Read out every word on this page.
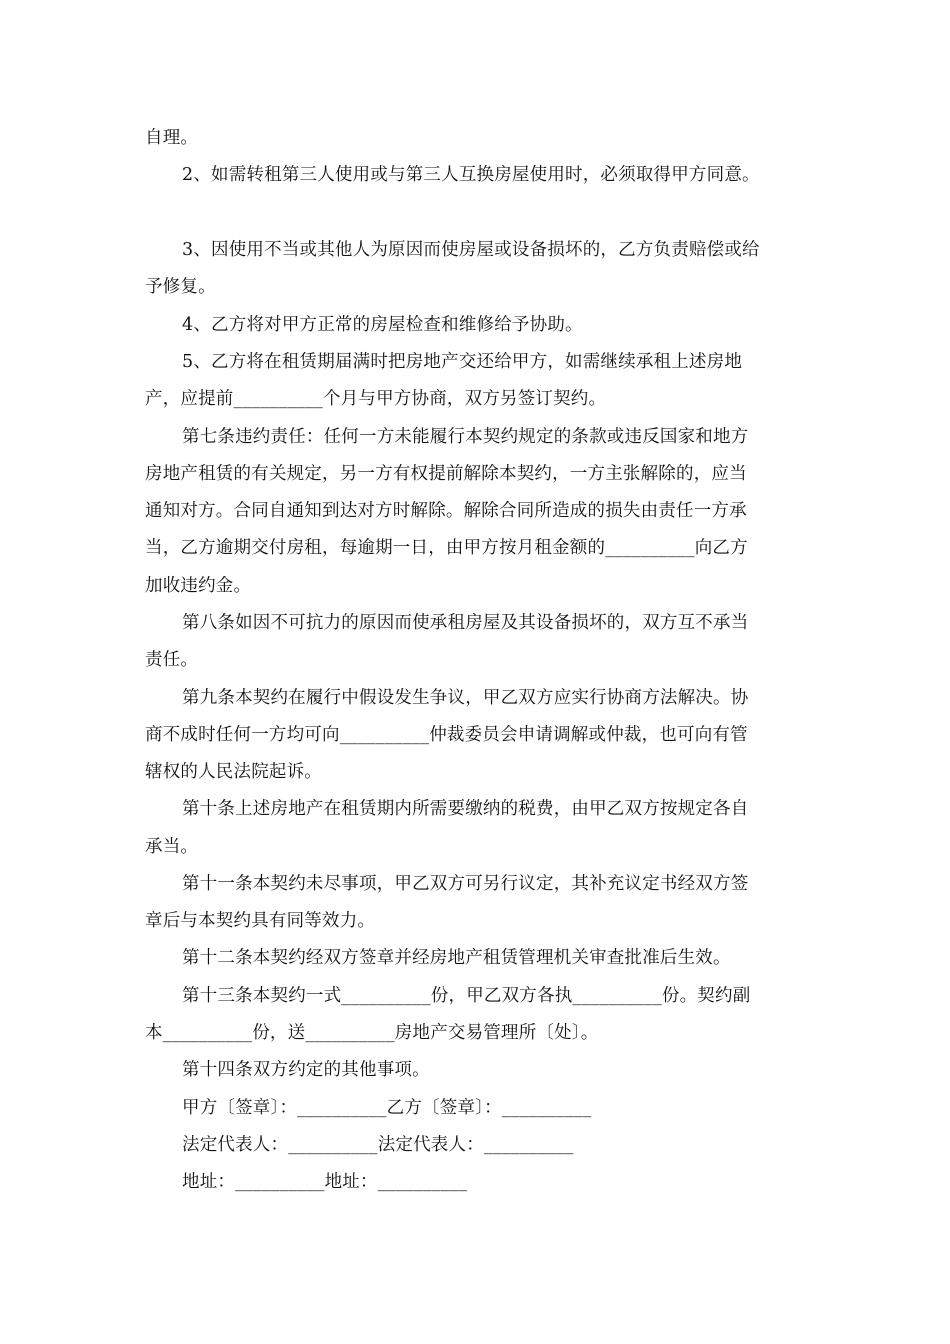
自理。
2、如需转租第三人使用或与第三人互换房屋使用时，必须取得甲方同意。
3、因使用不当或其他人为原因而使房屋或设备损坏的，乙方负责赔偿或给
予修复。
4、乙方将对甲方正常的房屋检查和维修给予协助。
5、乙方将在租赁期届满时把房地产交还给甲方，如需继续承租上述房地
产，应提前__________个月与甲方协商，双方另签订契约。
第七条违约责任：任何一方未能履行本契约规定的条款或违反国家和地方
房地产租赁的有关规定，另一方有权提前解除本契约，一方主张解除的，应当
通知对方。合同自通知到达对方时解除。解除合同所造成的损失由责任一方承
当，乙方逾期交付房租，每逾期一日，由甲方按月租金额的__________向乙方
加收违约金。
第八条如因不可抗力的原因而使承租房屋及其设备损坏的，双方互不承当
责任。
第九条本契约在履行中假设发生争议，甲乙双方应实行协商方法解决。协
商不成时任何一方均可向__________仲裁委员会申请调解或仲裁，也可向有管
辖权的人民法院起诉。
第十条上述房地产在租赁期内所需要缴纳的税费，由甲乙双方按规定各自
承当。
第十一条本契约未尽事项，甲乙双方可另行议定，其补充议定书经双方签
章后与本契约具有同等效力。
第十二条本契约经双方签章并经房地产租赁管理机关审查批准后生效。
第十三条本契约一式__________份，甲乙双方各执__________份。契约副
本__________份，送__________房地产交易管理所〔处〕。
第十四条双方约定的其他事项。
甲方〔签章〕：__________乙方〔签章〕：__________
法定代表人：__________法定代表人：__________
地址：__________地址：__________
